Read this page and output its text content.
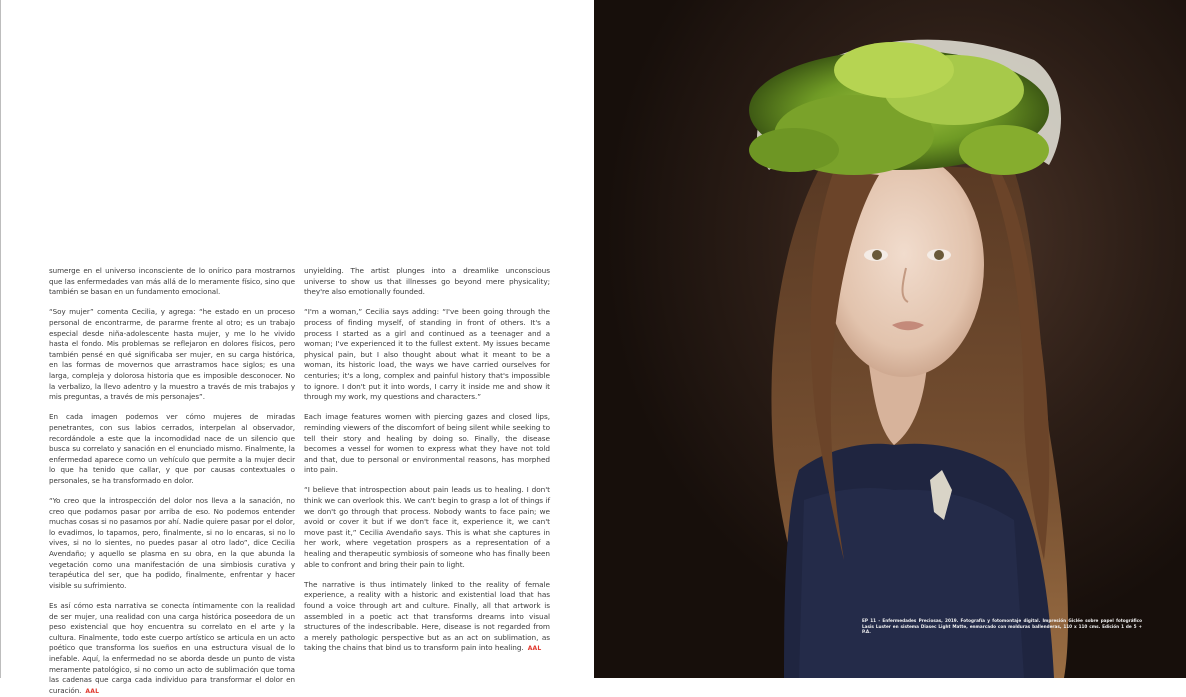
sumerge en el universo inconsciente de lo onírico para mostrarnos que las enfermedades van más allá de lo meramente físico, sino que también se basan en un fundamento emocional.

“Soy mujer” comenta Cecilia, y agrega: “he estado en un proceso personal de encontrarme, de pararme frente al otro; es un trabajo especial desde niña-adolescente hasta mujer, y me lo he vivido hasta el fondo. Mis problemas se reflejaron en dolores físicos, pero también pensé en qué significaba ser mujer, en su carga histórica, en las formas de movernos que arrastramos hace siglos; es una larga, compleja y dolorosa historia que es imposible desconocer. No la verbalizo, la llevo adentro y la muestro a través de mis trabajos y mis preguntas, a través de mis personajes”.

En cada imagen podemos ver cómo mujeres de miradas penetrantes, con sus labios cerrados, interpelan al observador, recordándole a este que la incomodidad nace de un silencio que busca su correlato y sanación en el enunciado mismo. Finalmente, la enfermedad aparece como un vehículo que permite a la mujer decir lo que ha tenido que callar, y que por causas contextuales o personales, se ha transformado en dolor.

“Yo creo que la introspección del dolor nos lleva a la sanación, no creo que podamos pasar por arriba de eso. No podemos entender muchas cosas si no pasamos por ahí. Nadie quiere pasar por el dolor, lo evadimos, lo tapamos, pero, finalmente, si no lo encaras, si no lo vives, si no lo sientes, no puedes pasar al otro lado”, dice Cecilia Avendaño; y aquello se plasma en su obra, en la que abunda la vegetación como una manifestación de una simbiosis curativa y terapéutica del ser, que ha podido, finalmente, enfrentar y hacer visible su sufrimiento.

Es así cómo esta narrativa se conecta íntimamente con la realidad de ser mujer, una realidad con una carga histórica poseedora de un peso existencial que hoy encuentra su correlato en el arte y la cultura. Finalmente, todo este cuerpo artístico se articula en un acto poético que transforma los sueños en una estructura visual de lo inefable. Aquí, la enfermedad no se aborda desde un punto de vista meramente patológico, si no como un acto de sublimación que toma las cadenas que carga cada individuo para transformar el dolor en curación. AAL

unyielding. The artist plunges into a dreamlike unconscious universe to show us that illnesses go beyond mere physicality; they're also emotionally founded.

“I'm a woman,” Cecilia says adding: “I've been going through the process of finding myself, of standing in front of others. It's a process I started as a girl and continued as a teenager and a woman; I've experienced it to the fullest extent. My issues became physical pain, but I also thought about what it meant to be a woman, its historic load, the ways we have carried ourselves for centuries; it's a long, complex and painful history that's impossible to ignore. I don't put it into words, I carry it inside me and show it through my work, my questions and characters.”

Each image features women with piercing gazes and closed lips, reminding viewers of the discomfort of being silent while seeking to tell their story and healing by doing so. Finally, the disease becomes a vessel for women to express what they have not told and that, due to personal or environmental reasons, has morphed into pain.

“I believe that introspection about pain leads us to healing. I don't think we can overlook this. We can't begin to grasp a lot of things if we don't go through that process. Nobody wants to face pain; we avoid or cover it but if we don't face it, experience it, we can't move past it,” Cecilia Avendaño says. This is what she captures in her work, where vegetation prospers as a representation of a healing and therapeutic symbiosis of someone who has finally been able to confront and bring their pain to light.

The narrative is thus intimately linked to the reality of female experience, a reality with a historic and existential load that has found a voice through art and culture. Finally, all that artwork is assembled in a poetic act that transforms dreams into visual structures of the indescribable. Here, disease is not regarded from a merely pathologic perspective but as an act on sublimation, as taking the chains that bind us to transform pain into healing. AAL

EP 11 - Enfermedades Preciosas, 2019. Fotografía y fotomontaje digital. Impresión Giclée sobre papel fotográfico Lasis Luster en sistema Diasec Light Matte, enmarcado con molduras ballenderas, 110 x 110 cms. Edición 1 de 5 + P.A.
